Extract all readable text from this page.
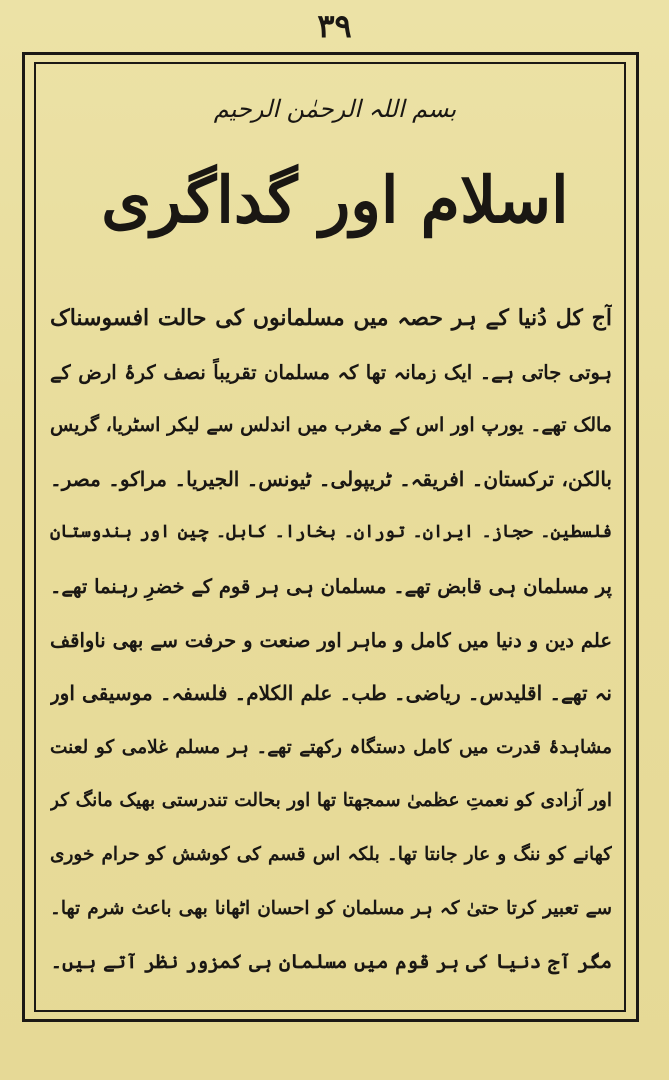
۳۹
بسم اللہ الرحمٰن الرحیم
اسلام اور گداگری
آج کل دُنیا کے ہر حصہ میں مسلمانوں کی حالت افسوسناک
ہوتی جاتی ہے۔ ایک زمانہ تھا کہ مسلمان تقریباً نصف کرۂ ارض کے
مالک تھے۔ یورپ اور اس کے مغرب میں اندلس سے لیکر اسٹریا، گریس
بالکن، ترکستان۔ افریقہ۔ ٹریپولی۔ ٹیونس۔ الجیریا۔ مراکو۔ مصر۔
فلسطین۔ حجاز۔ ایران۔ توران۔ بخارا۔ کابل۔ چین اور ہندوستان
پر مسلمان ہی قابض تھے۔ مسلمان ہی ہر قوم کے خضرِ رہنما تھے۔
علم دین و دنیا میں کامل و ماہر اور صنعت و حرفت سے بھی ناواقف
نہ تھے۔ اقلیدس۔ ریاضی۔ طب۔ علم الکلام۔ فلسفہ۔ موسیقی اور
مشاہدۂ قدرت میں کامل دستگاہ رکھتے تھے۔ ہر مسلم غلامی کو لعنت
اور آزادی کو نعمتِ عظمیٰ سمجھتا تھا اور بحالت تندرستی بھیک مانگ کر
کھانے کو ننگ و عار جانتا تھا۔ بلکہ اس قسم کی کوشش کو حرام خوری
سے تعبیر کرتا حتیٰ کہ ہر مسلمان کو احسان اٹھانا بھی باعث شرم تھا۔
مگر آج دنیا کی ہر قوم میں مسلمان ہی کمزور نظر آتے ہیں۔
